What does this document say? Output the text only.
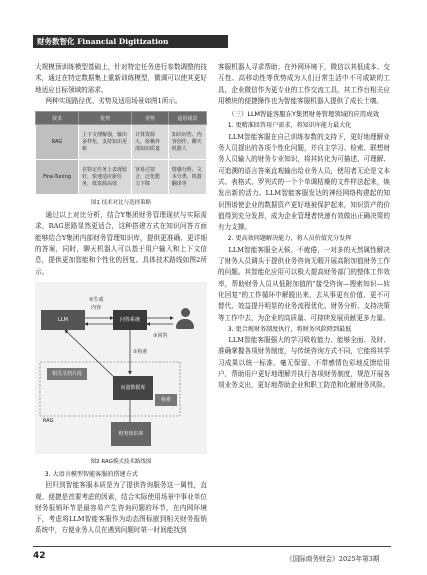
财务数智化 Financial Digitization

大规模预训练模型基础上，针对特定任务进行参数调整的技术，通过在特定数据集上重新训练模型，微调可以使其更好地适应目标领域的需求。

两种实现路径优、劣势及适用场景如图1所示。

技术	优势	劣势	适用场景
RAG	上下文理解强，输出多样化，支持知识更新	计算资源大，依赖外部知识质量	知识问答、内容创作，聊天机器人
Fine-Tuning	在特定任务上表现较好，快速适应新任务，低资源高效	容易过拟合，泛化能力下降	情感分析、文本分类、机器翻译等
图1 技术对比与选择策略

通过以上对比分析，结合Y集团财务管理现状与实际需求，RAG思路显然更适合，这种搭建方式在知识问答方面能够结合Y集团内部财务管理知识库，提供更准确、更详细的答案，同时，聊天机器人可以基于用户输入和上下文信息，提供更加智能和个性化的回复。具体技术路线如图2所示。

LLM	问答系统
向量数据库
相关文档片段
检索
财务知识库
RAG
②生成
内容
①检索
③回答
图2 RAG模式技术路线图
3. 大语言模型智能客服的搭建方式

回归到智能客服本质是为了提供咨询服务这一属性，直观、便捷是首要考虑的因素，结合实际使用场景中事业单位财务报销环节是最容易产生咨询问题的环节，在内网环境下，考虑将LLM智能客服作为动态图标嵌到相关财务报销系统中，方便业务人员在遇到问题时第一时间能找到

客服机器人寻求帮助；在外网环境下，微信以其低成本、交互性、高移动性等优势成为人们日常生活中不可或缺的工具，企业微信作为更专业的工作交流工具，其工作台相关应用模块的便捷操作也为智能客服机器人提供了成长土壤。

（三）LLM智能客服在Y集团财务管理领域的应用成效
1. 更精准回答用户需求，将知识库能力最大化

LLM智能客服在自己训练参数的支持下，更好地理解业务人员提出的各项个性化问题，并自主学习、检索、联想财务人员输入的财务专业知识，将其转化为可描述、可理解、可追溯的语言答案直观输出给业务人员，使用者无论是文本式、表格式、罗列式的一个个单调枯燥的文件样法起来，焕发出新的活力。LLM智能客服发达的神经网络构建起的知识图谱使企业的数据资产更好地被保护起来，知识资产的价值得到充分发挥，成为企业管理者快速有效做出正确决策的有力支撑。

2. 更高效问题解决能力，将人员价值充分发挥

LLM智能客服全天候、不疲倦，一对多的天然属性解决了财务人员调头于提供业务咨询无暇开展高附加值财务工作的问题。其智能化应用可以极大提高财务部门的整体工作效率，帮助财务人员从低附加值的"接受咨询—搜索知识—转化回复"的工作循环中解脱出来，去从事更有价值、更不可替代、效益提升明显的业务流程优化、财务分析、支持决策等工作中去，为企业的高质量、可持续发展贡献更多力量。

3. 更合规财务制度执行，将财务风险降到最低

LLM智能客服强大的学习吸收能力、能够全面、及时、准确掌握各项财务制度，与传统咨询方式不同，它能将其学习成果以统一标准、毫无保留、不带感情色彩地反馈给用户，帮助用户更好地理解并执行各项财务制度，规范开展各项业务支出，更好地帮助企业和职工防范和化解财务风险。

42	《国际商务财会》2025年第3期
